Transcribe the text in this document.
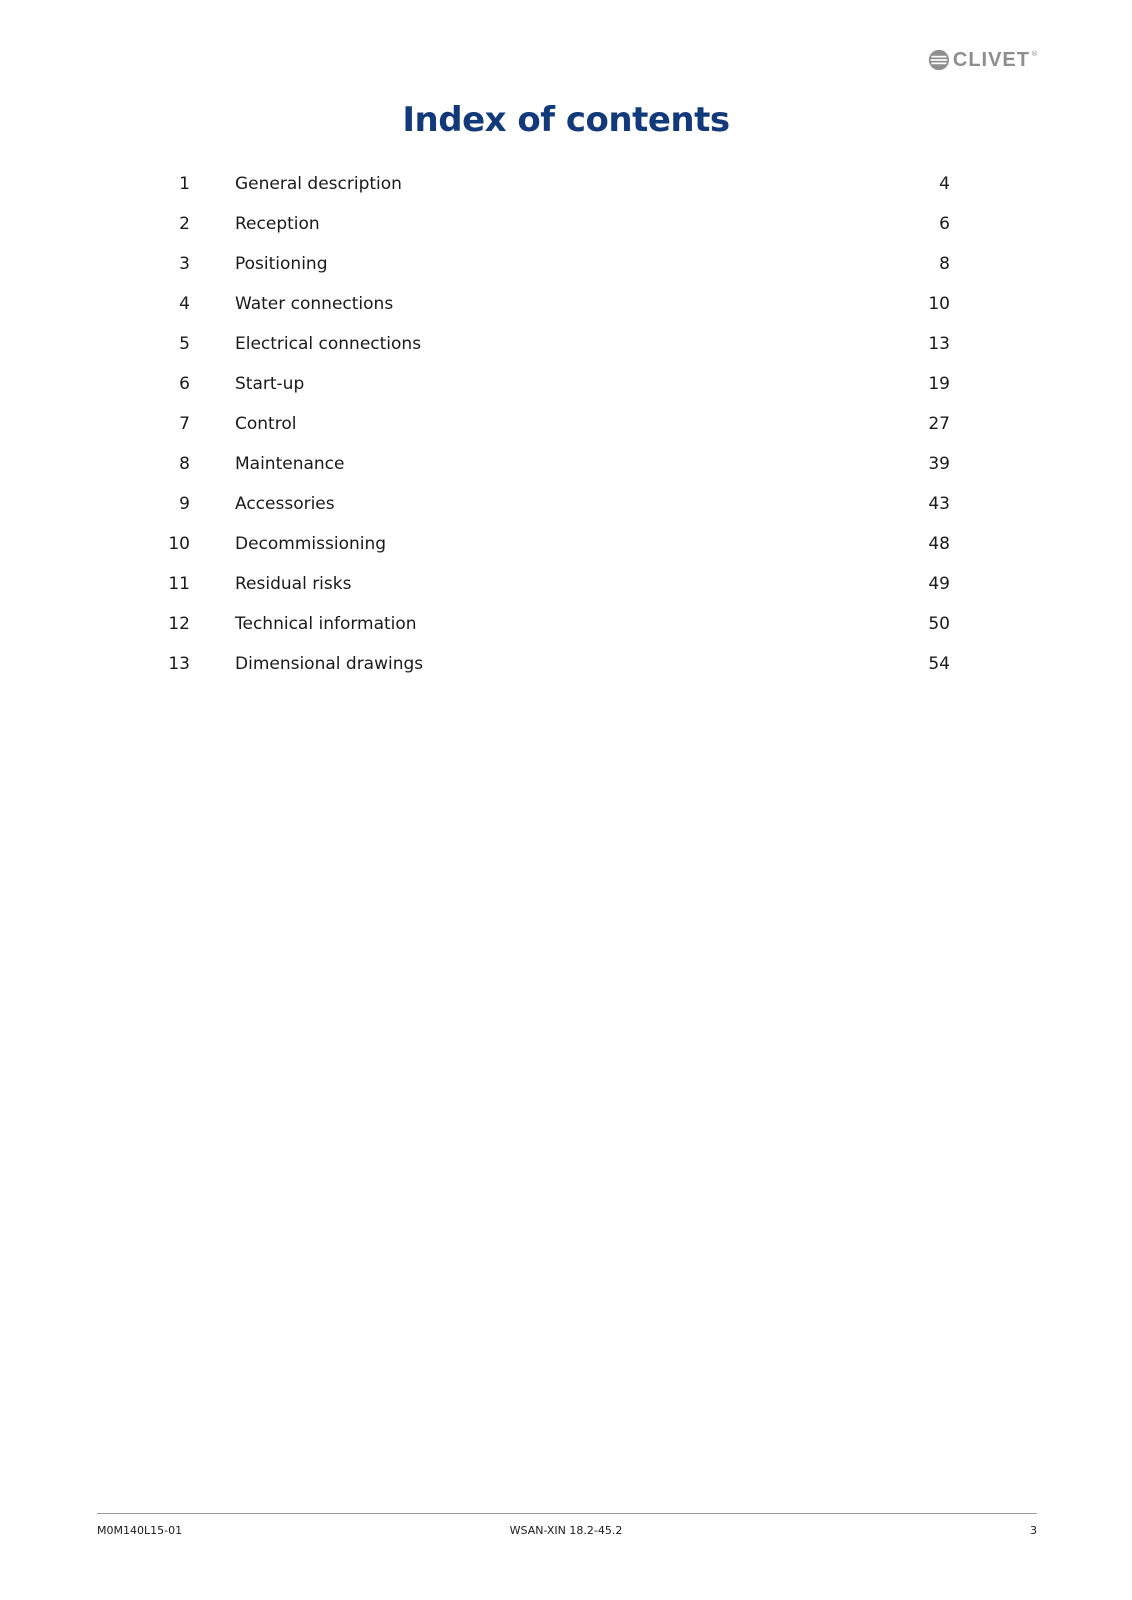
CLIVET ®
Index of contents
1	General description	4
2	Reception	6
3	Positioning	8
4	Water connections	10
5	Electrical connections	13
6	Start-up	19
7	Control	27
8	Maintenance	39
9	Accessories	43
10	Decommissioning	48
11	Residual risks	49
12	Technical information	50
13	Dimensional drawings	54
M0M140L15-01	WSAN-XIN 18.2-45.2	3
